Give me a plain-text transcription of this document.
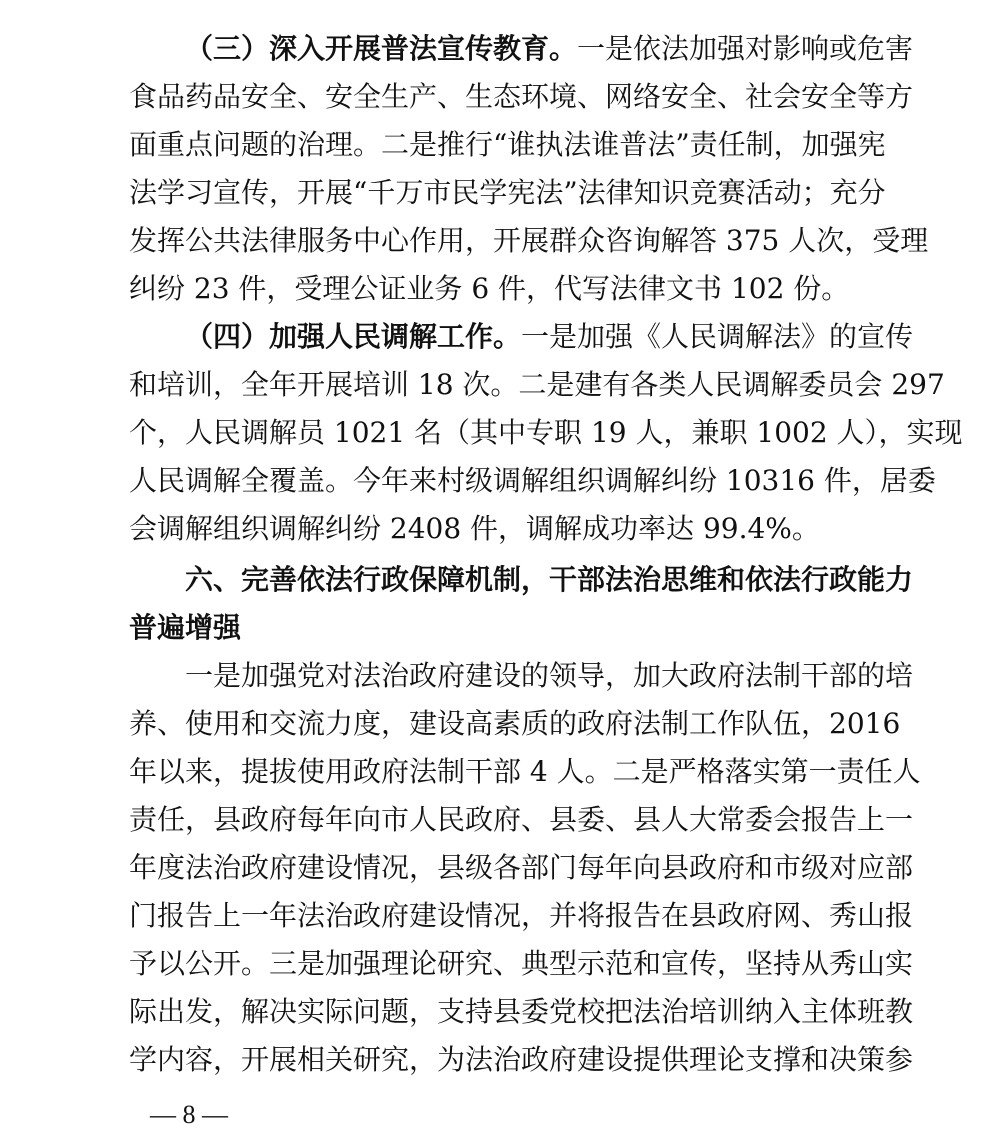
（三）深入开展普法宣传教育。一是依法加强对影响或危害
食品药品安全、安全生产、生态环境、网络安全、社会安全等方
面重点问题的治理。二是推行“谁执法谁普法”责任制，加强宪
法学习宣传，开展“千万市民学宪法”法律知识竞赛活动；充分
发挥公共法律服务中心作用，开展群众咨询解答 375 人次，受理
纠纷 23 件，受理公证业务 6 件，代写法律文书 102 份。
（四）加强人民调解工作。一是加强《人民调解法》的宣传
和培训，全年开展培训 18 次。二是建有各类人民调解委员会 297
个，人民调解员 1021 名（其中专职 19 人，兼职 1002 人），实现
人民调解全覆盖。今年来村级调解组织调解纠纷 10316 件，居委
会调解组织调解纠纷 2408 件，调解成功率达 99.4%。
六、完善依法行政保障机制，干部法治思维和依法行政能力
普遍增强
一是加强党对法治政府建设的领导，加大政府法制干部的培
养、使用和交流力度，建设高素质的政府法制工作队伍，2016
年以来，提拔使用政府法制干部 4 人。二是严格落实第一责任人
责任，县政府每年向市人民政府、县委、县人大常委会报告上一
年度法治政府建设情况，县级各部门每年向县政府和市级对应部
门报告上一年法治政府建设情况，并将报告在县政府网、秀山报
予以公开。三是加强理论研究、典型示范和宣传，坚持从秀山实
际出发，解决实际问题，支持县委党校把法治培训纳入主体班教
学内容，开展相关研究，为法治政府建设提供理论支撑和决策参
— 8 —
